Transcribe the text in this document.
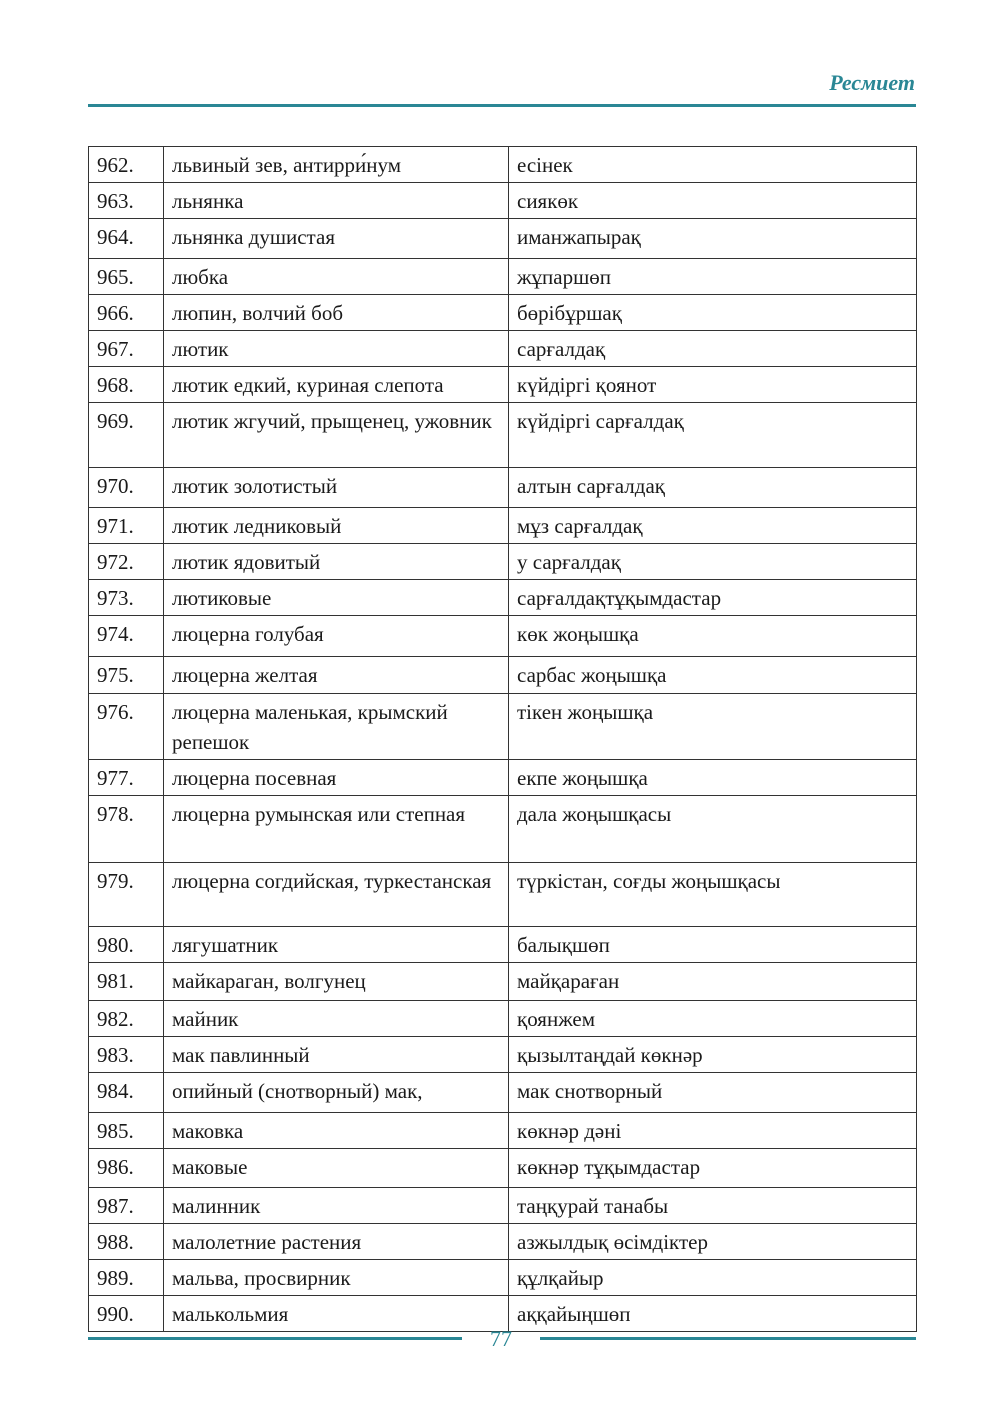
Ресмиет
962.	львиный зев, антирри́нум	есінек
963.	льнянка	сиякөк
964.	льнянка душистая	иманжапырақ
965.	любка	жұпаршөп
966.	люпин, волчий боб	бөрібұршақ
967.	лютик	сарғалдақ
968.	лютик едкий, куриная слепота	күйдіргі қоянот
969.	лютик жгучий, прыщенец, ужовник	күйдіргі сарғалдақ
970.	лютик золотистый	алтын сарғалдақ
971.	лютик ледниковый	мұз сарғалдақ
972.	лютик ядовитый	у сарғалдақ
973.	лютиковые	сарғалдақтұқымдастар
974.	люцерна голубая	көк жоңышқа
975.	люцерна желтая	сарбас жоңышқа
976.	люцерна маленькая, крымский репешок	тікен жоңышқа
977.	люцерна посевная	екпе жоңышқа
978.	люцерна румынская или степная	дала жоңышқасы
979.	люцерна согдийская, туркестанская	түркістан, соғды жоңышқасы
980.	лягушатник	балықшөп
981.	майкараган, волгунец	майқараған
982.	майник	қоянжем
983.	мак павлинный	қызылтаңдай көкнәр
984.	опийный (снотворный) мак,	мак снотворный
985.	маковка	көкнәр дәні
986.	маковые	көкнәр тұқымдастар
987.	малинник	таңқурай танабы
988.	малолетние растения	азжылдық өсімдіктер
989.	мальва, просвирник	құлқайыр
990.	малькольмия	аққайыңшөп
77
